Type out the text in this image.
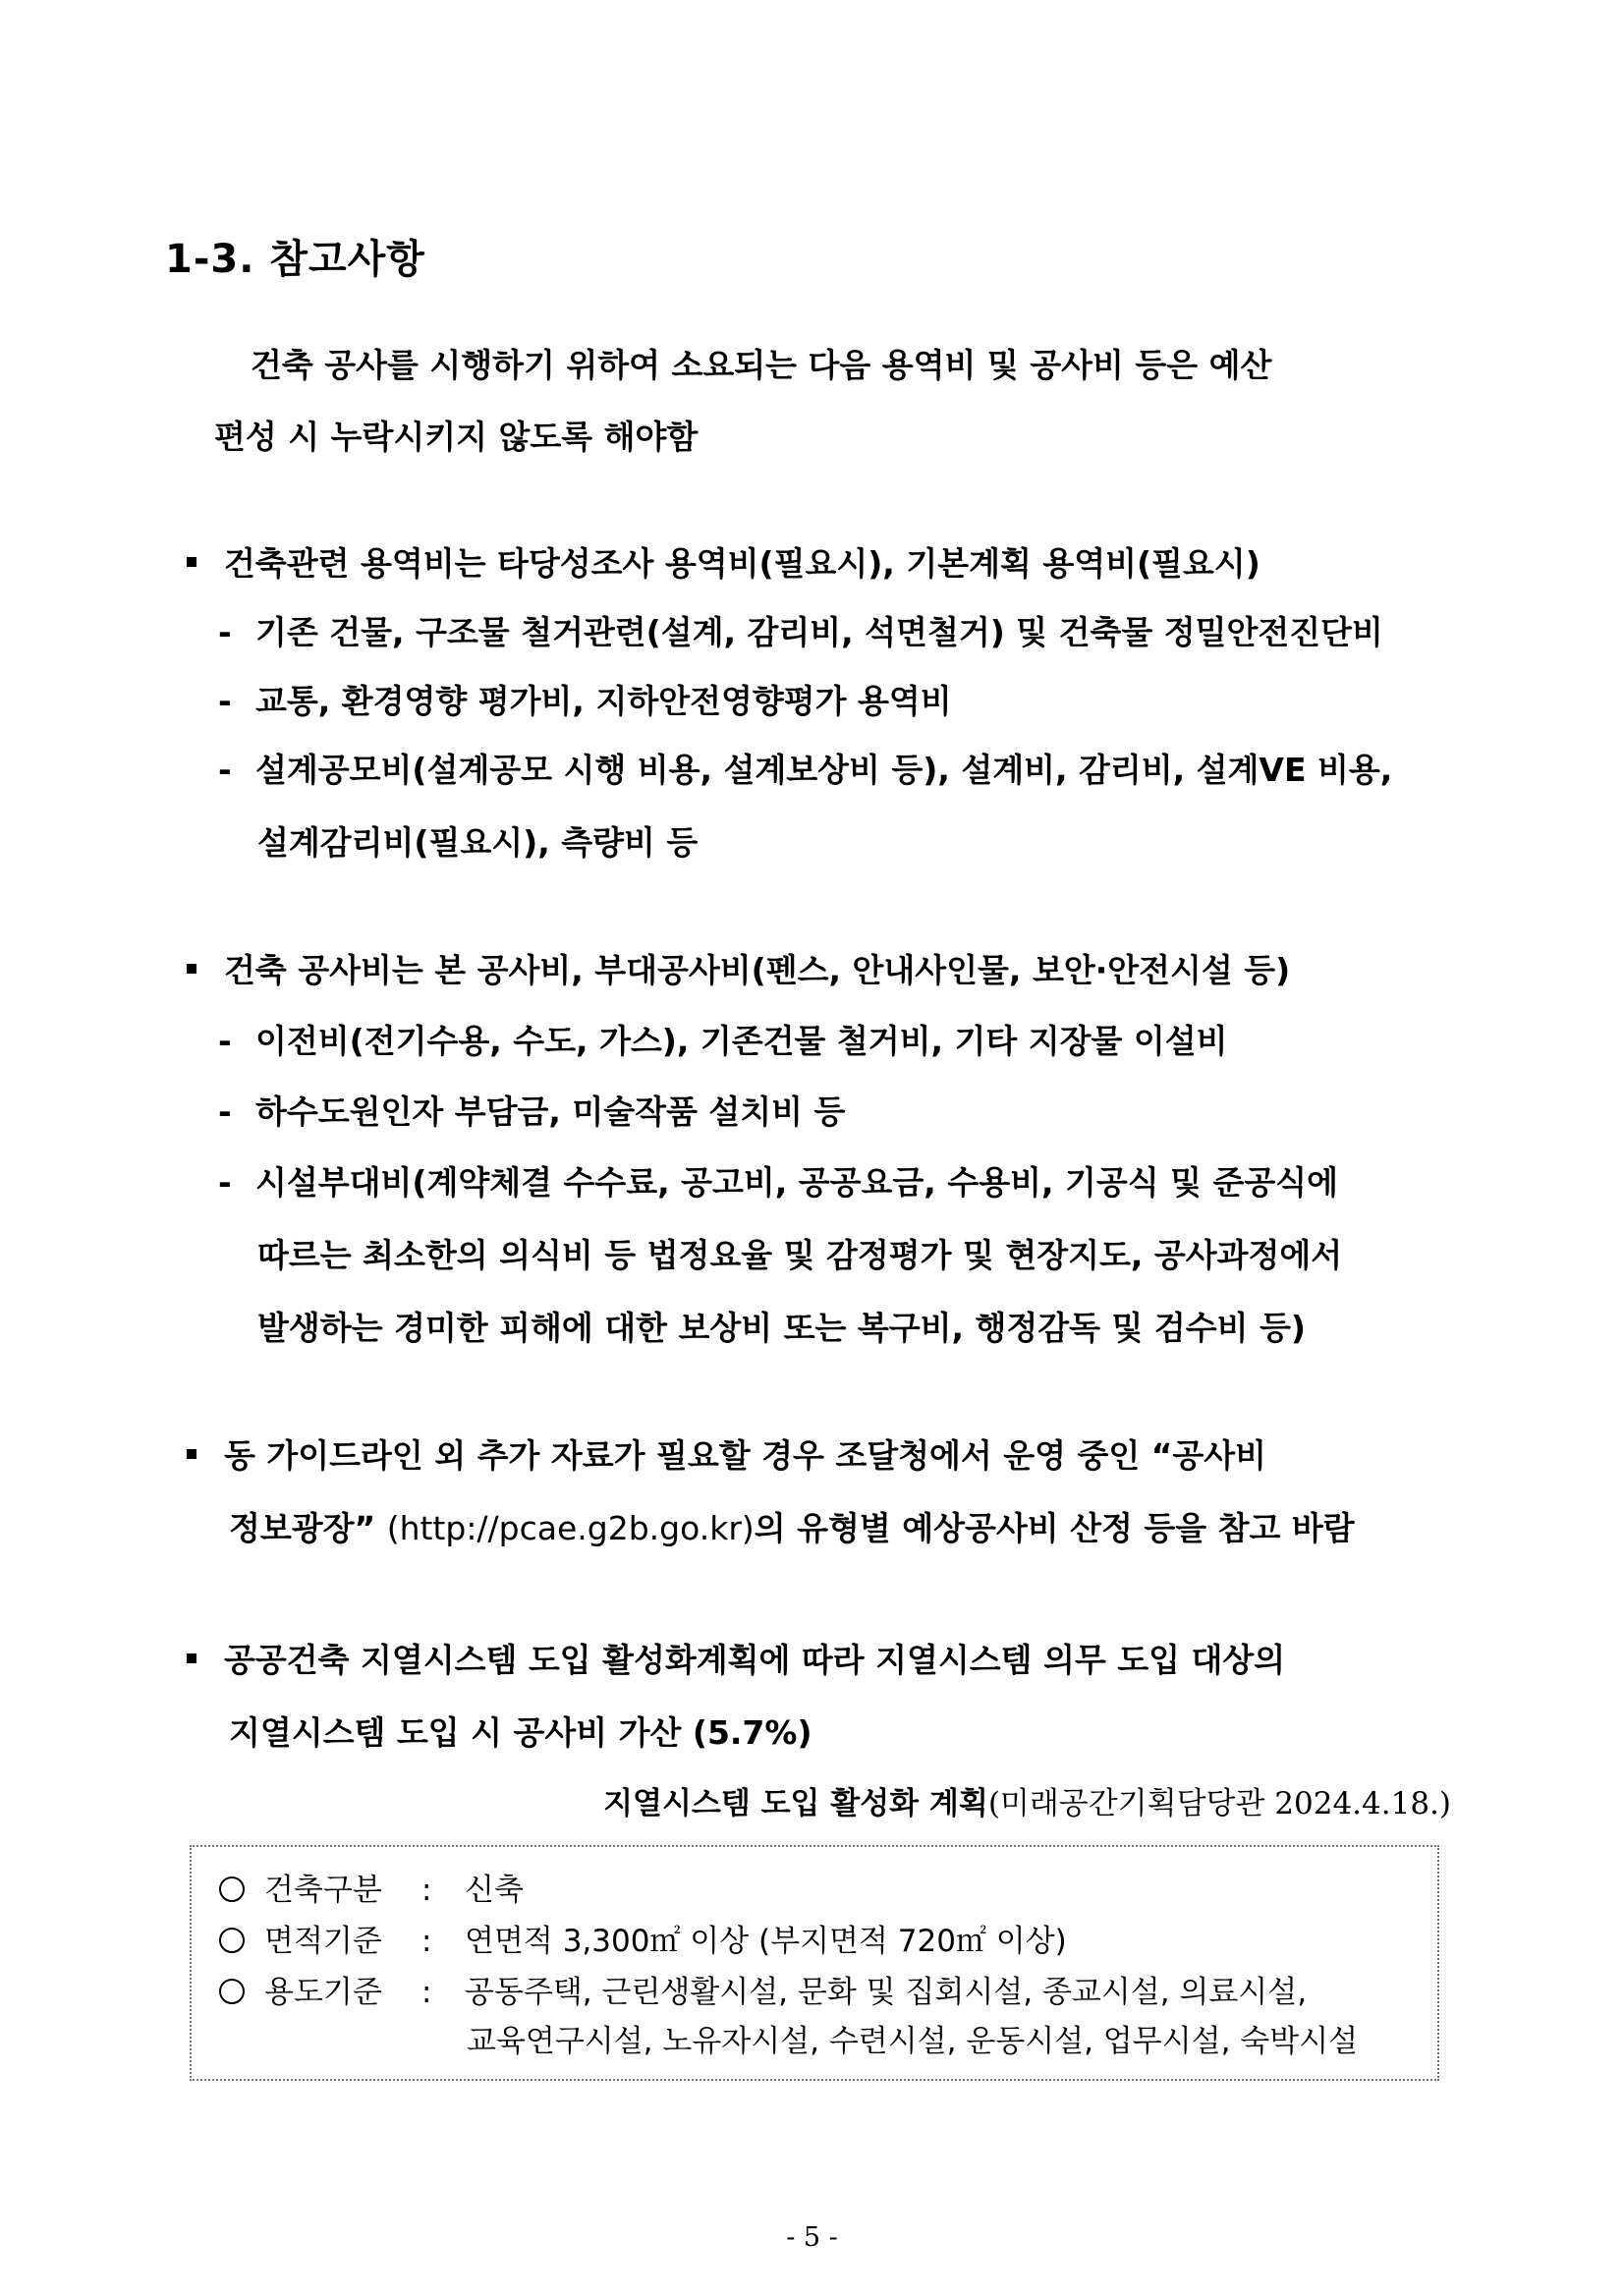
1-3. 참고사항
건축 공사를 시행하기 위하여 소요되는 다음 용역비 및 공사비 등은 예산
편성 시 누락시키지 않도록 해야함
건축관련 용역비는 타당성조사 용역비(필요시), 기본계획 용역비(필요시)
- 기존 건물, 구조물 철거관련(설계, 감리비, 석면철거) 및 건축물 정밀안전진단비
- 교통, 환경영향 평가비, 지하안전영향평가 용역비
- 설계공모비(설계공모 시행 비용, 설계보상비 등), 설계비, 감리비, 설계VE 비용,
설계감리비(필요시), 측량비 등
건축 공사비는 본 공사비, 부대공사비(펜스, 안내사인물, 보안·안전시설 등)
- 이전비(전기수용, 수도, 가스), 기존건물 철거비, 기타 지장물 이설비
- 하수도원인자 부담금, 미술작품 설치비 등
- 시설부대비(계약체결 수수료, 공고비, 공공요금, 수용비, 기공식 및 준공식에
따르는 최소한의 의식비 등 법정요율 및 감정평가 및 현장지도, 공사과정에서
발생하는 경미한 피해에 대한 보상비 또는 복구비, 행정감독 및 검수비 등)
동 가이드라인 외 추가 자료가 필요할 경우 조달청에서 운영 중인 “공사비
정보광장” (http://pcae.g2b.go.kr)의 유형별 예상공사비 산정 등을 참고 바람
공공건축 지열시스템 도입 활성화계획에 따라 지열시스템 의무 도입 대상의
지열시스템 도입 시 공사비 가산 (5.7%)
지열시스템 도입 활성화 계획(미래공간기획담당관 2024.4.18.)
건축구분 : 신축
면적기준 : 연면적 3,300㎡ 이상 (부지면적 720㎡ 이상)
용도기준 : 공동주택, 근린생활시설, 문화 및 집회시설, 종교시설, 의료시설,
교육연구시설, 노유자시설, 수련시설, 운동시설, 업무시설, 숙박시설
- 5 -
